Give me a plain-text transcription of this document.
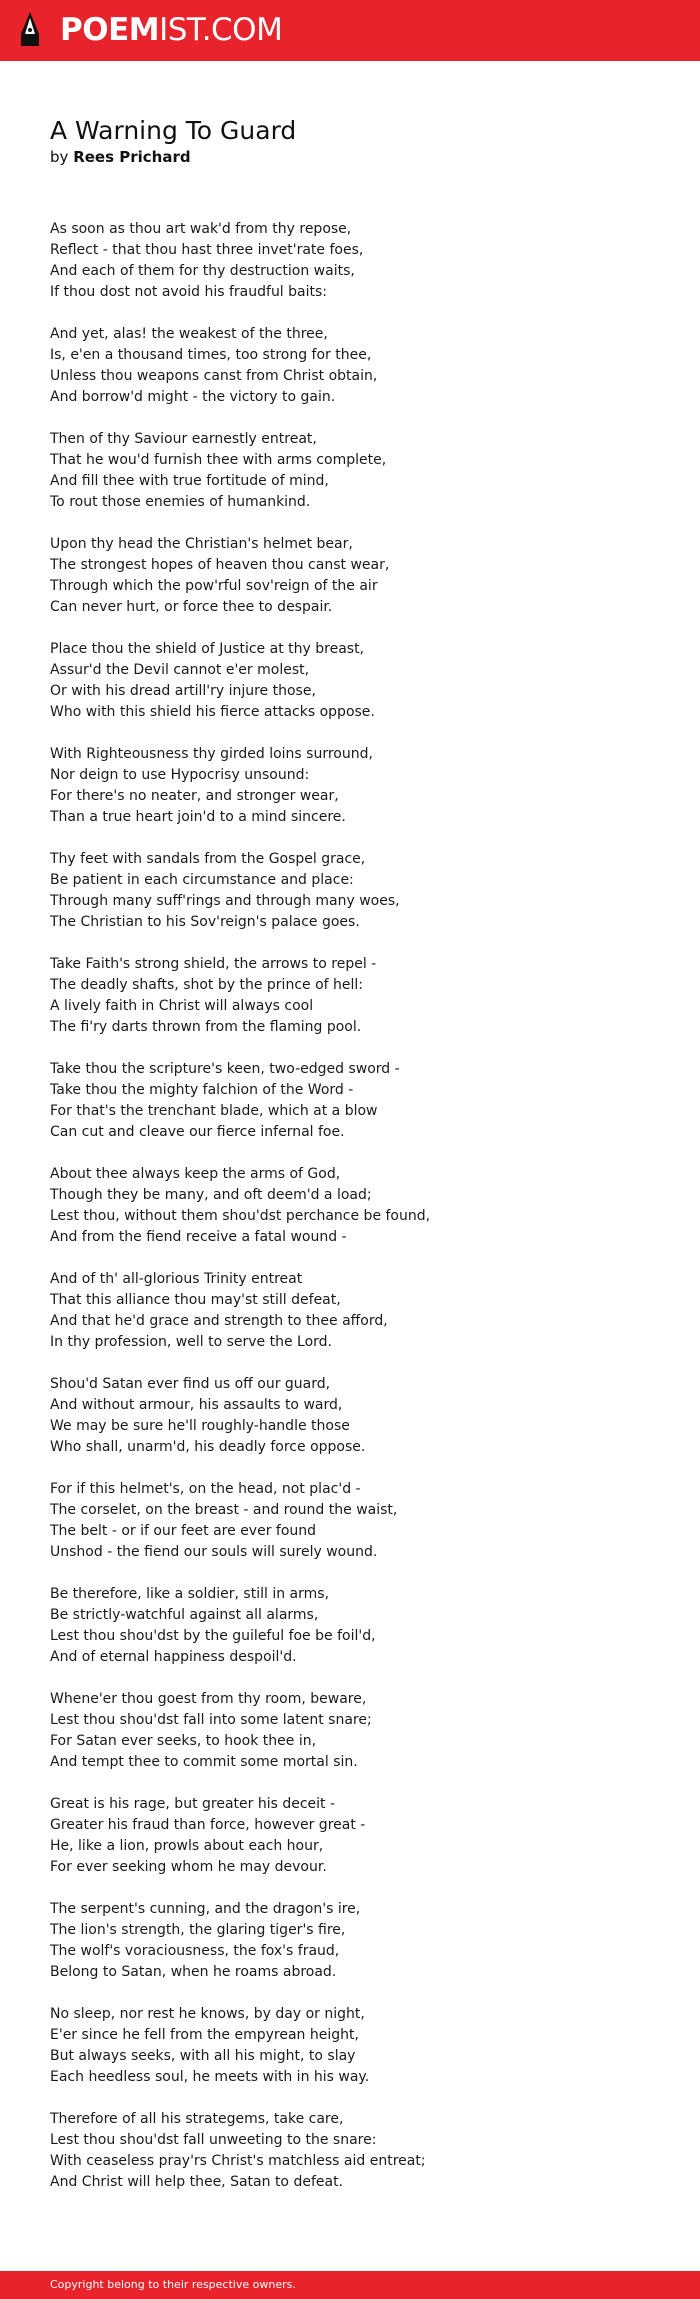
POEMIST.COM
A Warning To Guard
by Rees Prichard
As soon as thou art wak'd from thy repose,
Reflect - that thou hast three invet'rate foes,
And each of them for thy destruction waits,
If thou dost not avoid his fraudful baits:
And yet, alas! the weakest of the three,
Is, e'en a thousand times, too strong for thee,
Unless thou weapons canst from Christ obtain,
And borrow'd might - the victory to gain.
Then of thy Saviour earnestly entreat,
That he wou'd furnish thee with arms complete,
And fill thee with true fortitude of mind,
To rout those enemies of humankind.
Upon thy head the Christian's helmet bear,
The strongest hopes of heaven thou canst wear,
Through which the pow'rful sov'reign of the air
Can never hurt, or force thee to despair.
Place thou the shield of Justice at thy breast,
Assur'd the Devil cannot e'er molest,
Or with his dread artill'ry injure those,
Who with this shield his fierce attacks oppose.
With Righteousness thy girded loins surround,
Nor deign to use Hypocrisy unsound:
For there's no neater, and stronger wear,
Than a true heart join'd to a mind sincere.
Thy feet with sandals from the Gospel grace,
Be patient in each circumstance and place:
Through many suff'rings and through many woes,
The Christian to his Sov'reign's palace goes.
Take Faith's strong shield, the arrows to repel -
The deadly shafts, shot by the prince of hell:
A lively faith in Christ will always cool
The fi'ry darts thrown from the flaming pool.
Take thou the scripture's keen, two-edged sword -
Take thou the mighty falchion of the Word -
For that's the trenchant blade, which at a blow
Can cut and cleave our fierce infernal foe.
About thee always keep the arms of God,
Though they be many, and oft deem'd a load;
Lest thou, without them shou'dst perchance be found,
And from the fiend receive a fatal wound -
And of th' all-glorious Trinity entreat
That this alliance thou may'st still defeat,
And that he'd grace and strength to thee afford,
In thy profession, well to serve the Lord.
Shou'd Satan ever find us off our guard,
And without armour, his assaults to ward,
We may be sure he'll roughly-handle those
Who shall, unarm'd, his deadly force oppose.
For if this helmet's, on the head, not plac'd -
The corselet, on the breast - and round the waist,
The belt - or if our feet are ever found
Unshod - the fiend our souls will surely wound.
Be therefore, like a soldier, still in arms,
Be strictly-watchful against all alarms,
Lest thou shou'dst by the guileful foe be foil'd,
And of eternal happiness despoil'd.
Whene'er thou goest from thy room, beware,
Lest thou shou'dst fall into some latent snare;
For Satan ever seeks, to hook thee in,
And tempt thee to commit some mortal sin.
Great is his rage, but greater his deceit -
Greater his fraud than force, however great -
He, like a lion, prowls about each hour,
For ever seeking whom he may devour.
The serpent's cunning, and the dragon's ire,
The lion's strength, the glaring tiger's fire,
The wolf's voraciousness, the fox's fraud,
Belong to Satan, when he roams abroad.
No sleep, nor rest he knows, by day or night,
E'er since he fell from the empyrean height,
But always seeks, with all his might, to slay
Each heedless soul, he meets with in his way.
Therefore of all his strategems, take care,
Lest thou shou'dst fall unweeting to the snare:
With ceaseless pray'rs Christ's matchless aid entreat;
And Christ will help thee, Satan to defeat.
Copyright belong to their respective owners.
